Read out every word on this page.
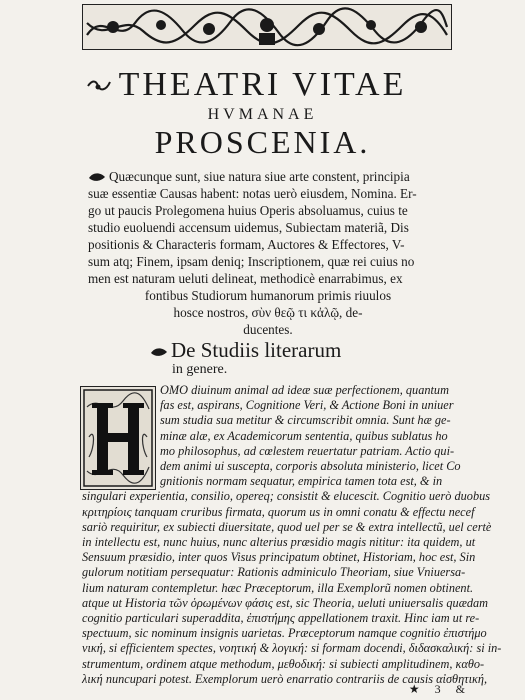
THEATRI VITAE
HVMANAE
PROSCENIA.
Quæcunque sunt, siue natura siue arte constent, principia
suæ essentiæ Causas habent: notas uerò eiusdem, Nomina. Er-
go ut paucis Prolegomena huius Operis absoluamus, cuius te
studio euoluendi accensum uidemus, Subiectam materiã, Dis
positionis & Characteris formam, Auctores & Effectores, V-
sum atq; Finem, ipsam deniq; Inscriptionem, quæ rei cuius no
men est naturam ueluti delineat, methodicè enarrabimus, ex
fontibus Studiorum humanorum primis riuulos
hosce nostros, σὺν θεῷ τι κἀλῷ, de-
ducentes.
De Studiis literarum
in genere.
OMO diuinum animal ad ideæ suæ perfectionem, quantum
fas est, aspirans, Cognitione Veri, & Actione Boni in uniuer
sum studia sua metitur & circumscribit omnia. Sunt hæ ge-
minæ alæ, ex Academicorum sententia, quibus sublatus ho
mo philosophus, ad cœlestem reuertatur patriam. Actio qui-
dem animi ui suscepta, corporis absoluta ministerio, licet Co
gnitionis normam sequatur, empirica tamen tota est, & in
singulari experientia, consilio, opereq; consistit & elucescit. Cognitio uerò duobus
κριτηρίοις tanquam cruribus firmata, quorum us in omni conatu & effectu necef
sariò requiritur, ex subiecti diuersitate, quod uel per se & extra intellectũ, uel certè
in intellectu est, nunc huius, nunc alterius præsidio magis nititur: ita quidem, ut
Sensuum præsidio, inter quos Visus principatum obtinet, Historiam, hoc est, Sin
gulorum notitiam persequatur: Rationis adminiculo Theoriam, siue Vniuersa-
lium naturam contempletur. hæc Præceptorum, illa Exemplorũ nomen obtinent.
atque ut Historia τῶν ὁρωμένων φάσις est, sic Theoria, ueluti uniuersalis quædam
cognitio particulari superaddita, ἐπιστήμης appellationem traxit. Hinc iam ut re-
spectuum, sic nominum insignis uarietas. Præceptorum namque cognitio ἐπιστήμο
νική, si efficientem spectes, νοητική & λογική: si formam docendi, διδασκαλική: si in-
strumentum, ordinem atque methodum, μεθοδική: si subiecti amplitudinem, καθο-
λική nuncupari potest. Exemplorum uerò enarratio contrariis de causis αἰσθητική,
★ 3 &
